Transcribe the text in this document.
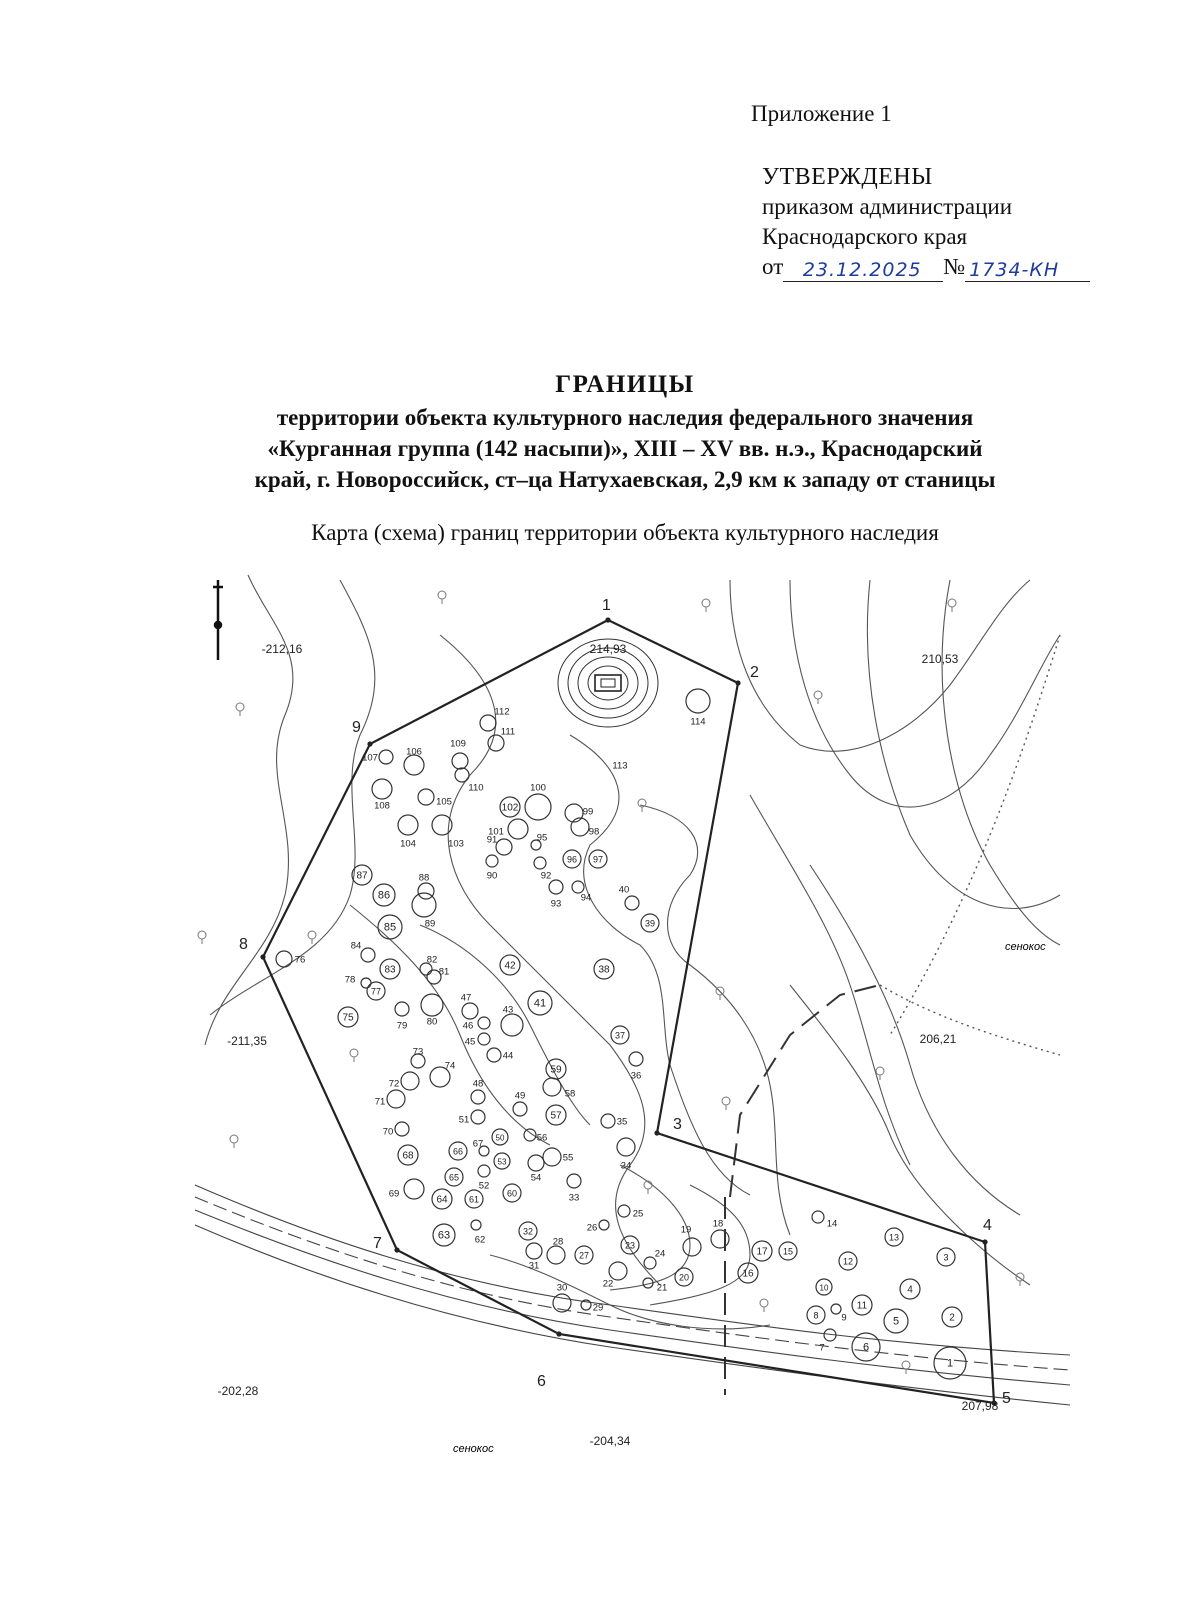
Приложение 1
УТВЕРЖДЕНЫ
приказом администрации
Краснодарского края
от	23.12.2025 № 1734-КН
ГРАНИЦЫ
территории объекта культурного наследия федерального значения
«Курганная группа (142 насыпи)», XIII – XV вв. н.э., Краснодарский
край, г. Новороссийск, ст–ца Натухаевская, 2,9 км к западу от станицы
Карта (схема) границ территории объекта культурного наследия
1
2
3
4
5
6
7
8 9
10
11
12
13
14
15
16
17
18
19
20
21
22
23
24
25
26
27
28
29
30
31
32
33
34
35
36
37
38
39
40
41
42
43
44
45
46
47
48
49
50
51
52
53
54
55
56
57
58
59
60
61
62
63
64
65
66
67
68
69
70
71
72
73
74
75
76
77
78
79 80
81
82
83
84
85
86
87	88
89
90
91
92
93
94
95
96 97
98
99
100
101
102
103
104
105
106
107
108
109
110
111
112
113
114
1
2
3
4
5
6
7
8
9
214,93
210,53
-212,16
206,21
-211,35
-202,28
207,98
-204,34
сенокос
сенокос
